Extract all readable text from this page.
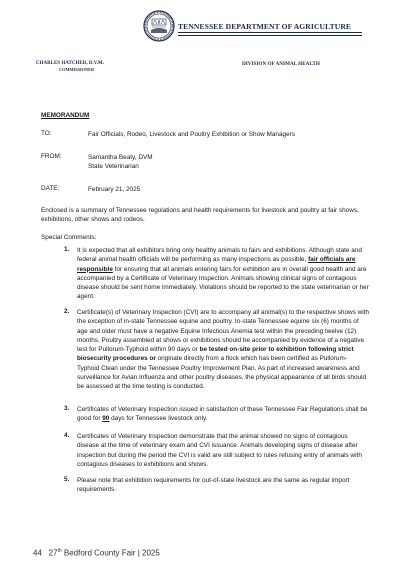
TENNESSEE DEPARTMENT OF AGRICULTURE
CHARLES HATCHER, D.V.M.
COMMISSIONER
DIVISION OF ANIMAL HEALTH
MEMORANDUM
TO:	Fair Officials, Rodeo, Livestock and Poultry Exhibition or Show Managers
FROM:	Samantha Beaty, DVM
State Veterinarian
DATE:	February 21, 2025

Enclosed is a summary of Tennessee regulations and health requirements for livestock and poultry at fair shows, exhibitions, other shows and rodeos.

Special Comments:

1. It is expected that all exhibitors bring only healthy animals to fairs and exhibitions. Although state and federal animal health officials will be performing as many inspections as possible, fair officials are responsible for ensuring that all animals entering fairs for exhibition are in overall good health and are accompanied by a Certificate of Veterinary Inspection. Animals showing clinical signs of contagious disease should be sent home immediately. Violations should be reported to the state veterinarian or her agent.

2. Certificate(s) of Veterinary Inspection (CVI) are to accompany all animal(s) to the respective shows with the exception of in-state Tennessee equine and poultry. In-state Tennessee equine six (6) months of age and older must have a negative Equine Infectious Anemia test within the preceding twelve (12) months. Poultry assembled at shows or exhibitions should be accompanied by evidence of a negative test for Pullorum-Typhoid within 90 days or be tested on-site prior to exhibition following strict biosecurity procedures or originate directly from a flock which has been certified as Pullorum-Typhoid Clean under the Tennessee Poultry Improvement Plan. As part of increased awareness and surveillance for Avian Influenza and other poultry diseases, the physical appearance of all birds should be assessed at the time testing is conducted.

3. Certificates of Veterinary Inspection issued in satisfaction of these Tennessee Fair Regulations shall be good for 90 days for Tennessee livestock only.

4. Certificates of Veterinary Inspection demonstrate that the animal showed no signs of contagious disease at the time of veterinary exam and CVI issuance. Animals developing signs of disease after inspection but during the period the CVI is valid are still subject to rules refusing entry of animals with contagious diseases to exhibitions and shows.

5. Please note that exhibition requirements for out-of-state livestock are the same as regular import requirements.

44 27th Bedford County Fair | 2025
